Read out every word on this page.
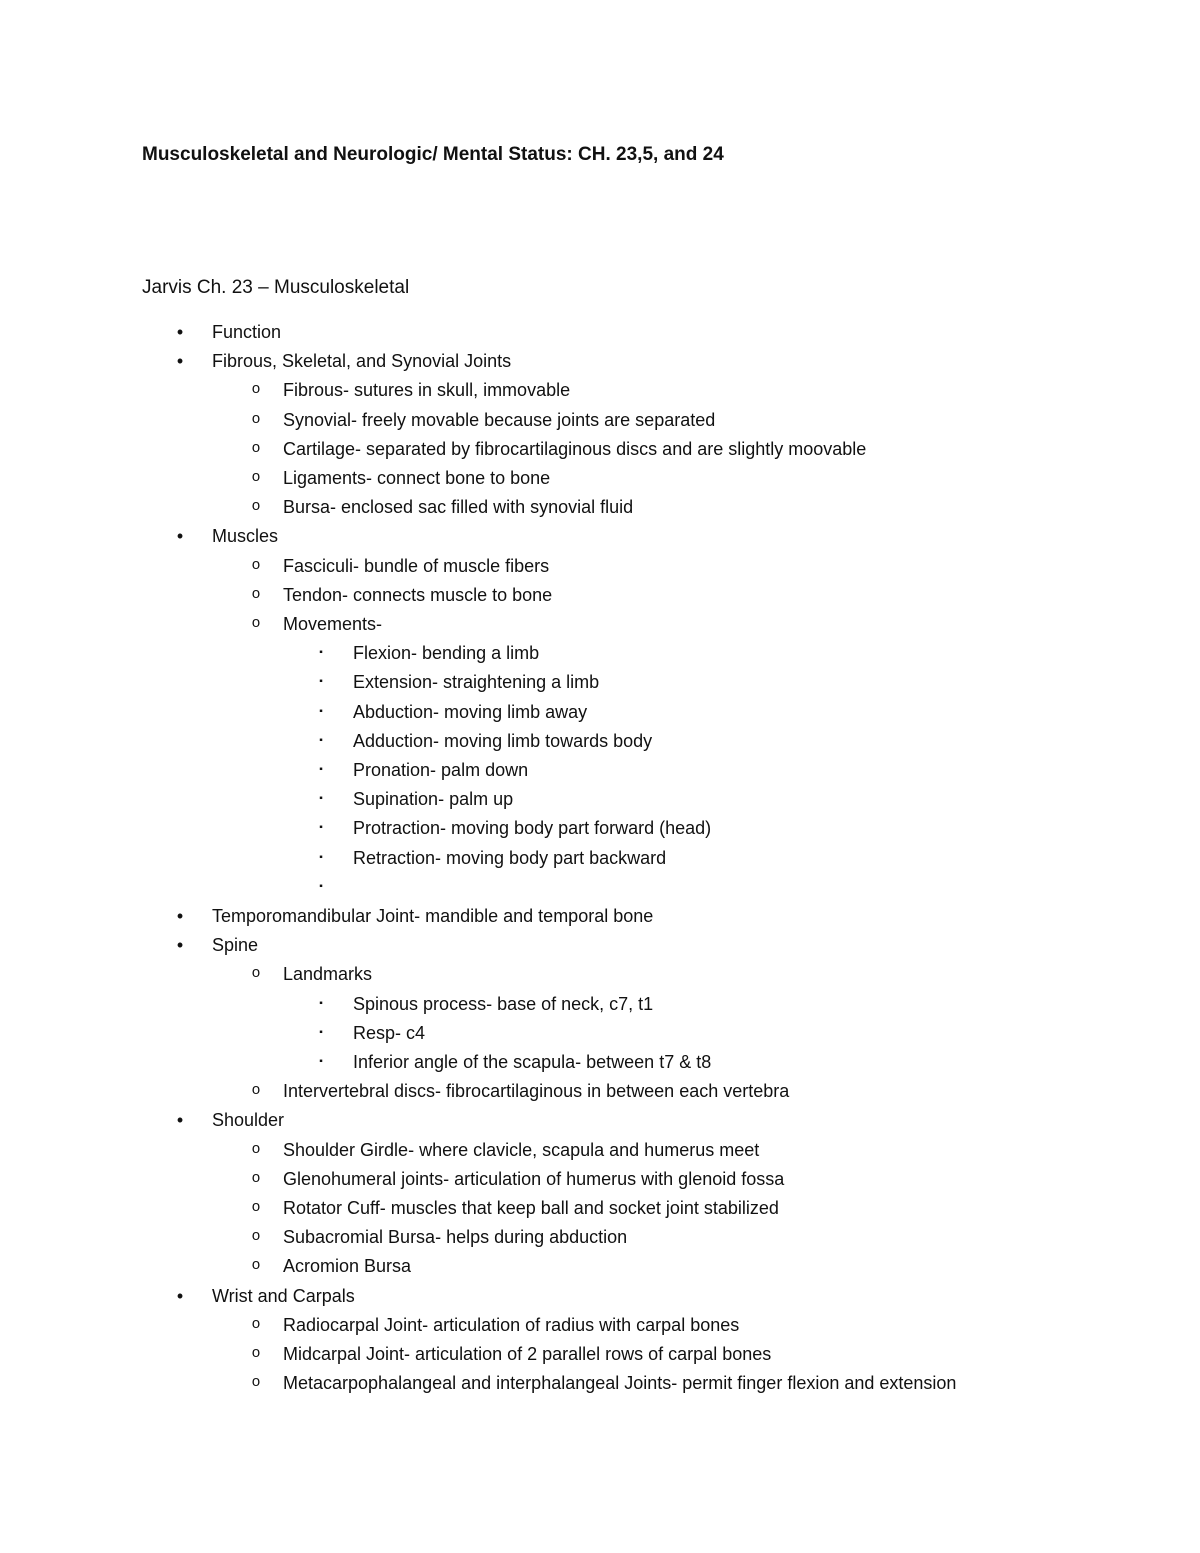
Musculoskeletal and Neurologic/ Mental Status: CH. 23,5, and 24
Jarvis Ch. 23 – Musculoskeletal
•	Function
•	Fibrous, Skeletal, and Synovial Joints
o	Fibrous- sutures in skull, immovable
o	Synovial- freely movable because joints are separated
o	Cartilage- separated by fibrocartilaginous discs and are slightly moovable
o	Ligaments- connect bone to bone
o	Bursa- enclosed sac filled with synovial fluid
•	Muscles
o	Fasciculi- bundle of muscle fibers
o	Tendon- connects muscle to bone
o	Movements-
▪	Flexion- bending a limb
▪	Extension- straightening a limb
▪	Abduction- moving limb away
▪	Adduction- moving limb towards body
▪	Pronation- palm down
▪	Supination- palm up
▪	Protraction- moving body part forward (head)
▪	Retraction- moving body part backward
▪
•	Temporomandibular Joint- mandible and temporal bone
•	Spine
o	Landmarks
▪	Spinous process- base of neck, c7, t1
▪	Resp- c4
▪	Inferior angle of the scapula- between t7 & t8
o	Intervertebral discs- fibrocartilaginous in between each vertebra
•	Shoulder
o	Shoulder Girdle- where clavicle, scapula and humerus meet
o	Glenohumeral joints- articulation of humerus with glenoid fossa
o	Rotator Cuff- muscles that keep ball and socket joint stabilized
o	Subacromial Bursa- helps during abduction
o	Acromion Bursa
•	Wrist and Carpals
o	Radiocarpal Joint- articulation of radius with carpal bones
o	Midcarpal Joint- articulation of 2 parallel rows of carpal bones
o	Metacarpophalangeal and interphalangeal Joints- permit finger flexion and extension
